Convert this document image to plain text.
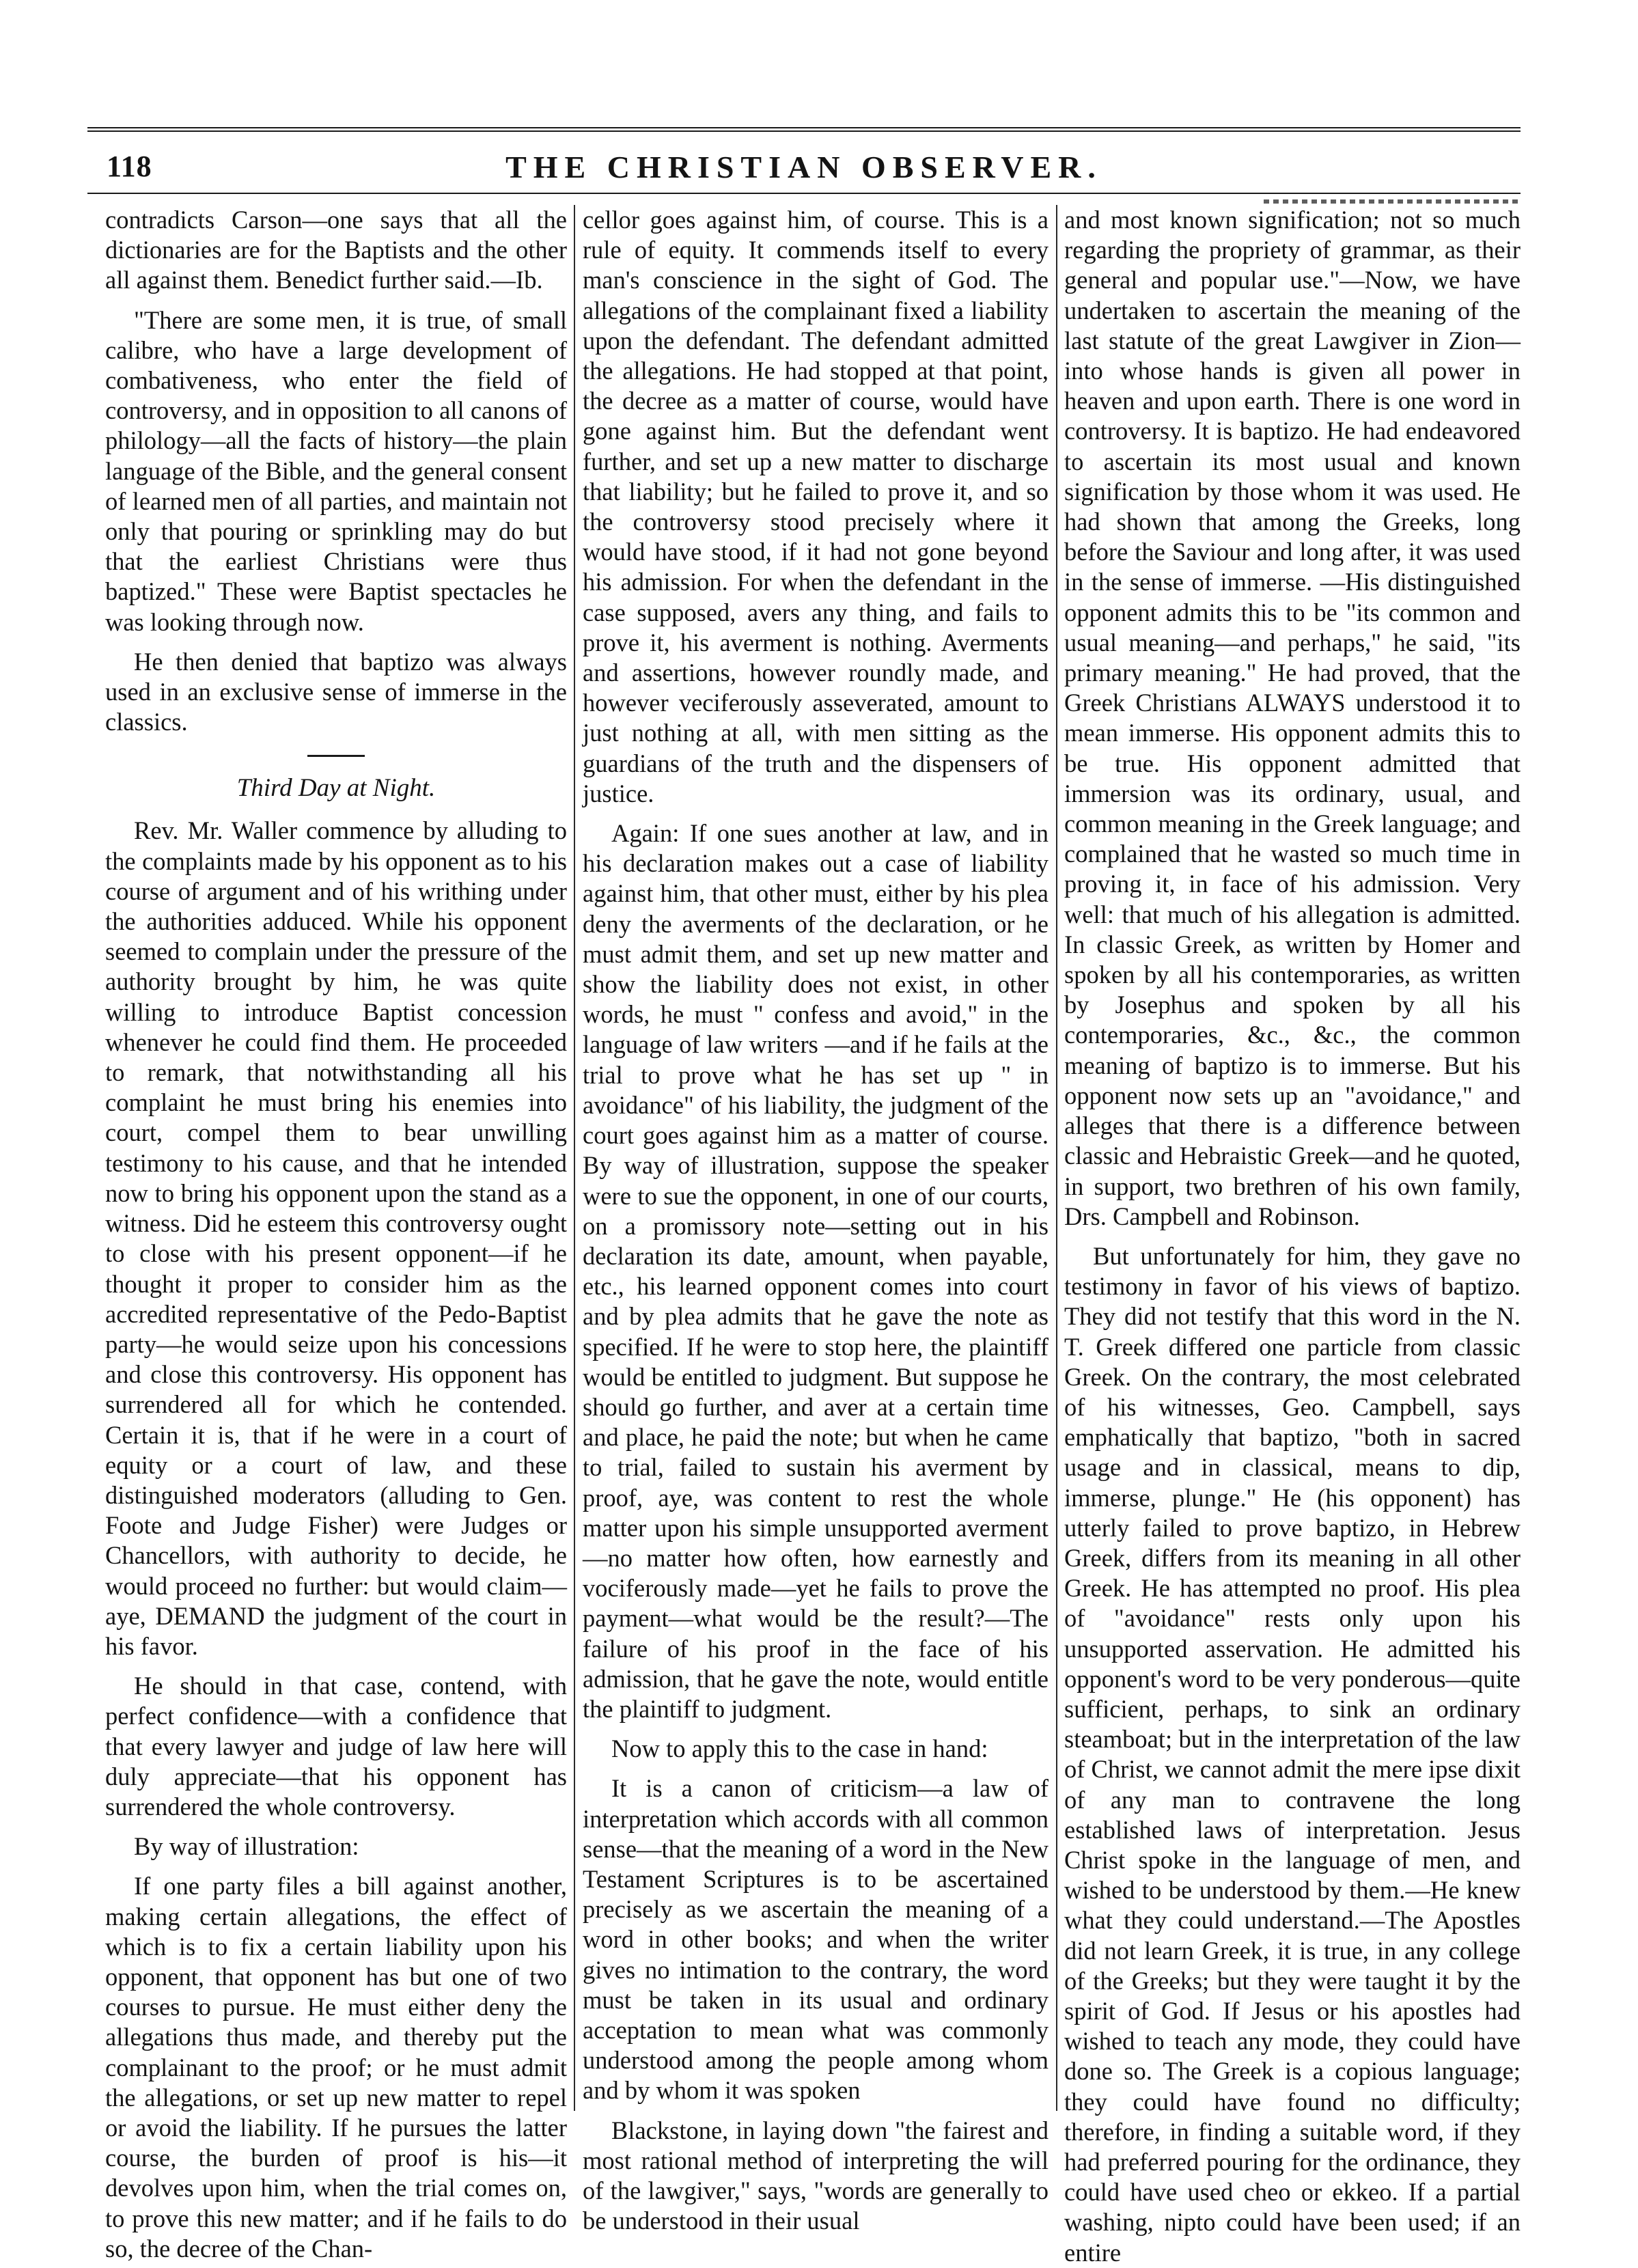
118	THE CHRISTIAN OBSERVER.

contradicts Carson—one says that all the dictionaries are for the Baptists and the other all against them. Benedict further said.—Ib.

"There are some men, it is true, of small calibre, who have a large development of combativeness, who enter the field of controversy, and in opposition to all canons of philology—all the facts of history—the plain language of the Bible, and the general consent of learned men of all parties, and maintain not only that pouring or sprinkling may do but that the earliest Christians were thus baptized." These were Baptist spectacles he was looking through now.

He then denied that baptizo was always used in an exclusive sense of immerse in the classics.

Third Day at Night.

Rev. Mr. Waller commence by alluding to the complaints made by his opponent as to his course of argument and of his writhing under the authorities adduced. While his opponent seemed to complain under the pressure of the authority brought by him, he was quite willing to introduce Baptist concession whenever he could find them. He proceeded to remark, that notwithstanding all his complaint he must bring his enemies into court, compel them to bear unwilling testimony to his cause, and that he intended now to bring his opponent upon the stand as a witness. Did he esteem this controversy ought to close with his present opponent—if he thought it proper to consider him as the accredited representative of the Pedo-Baptist party—he would seize upon his concessions and close this controversy. His opponent has surrendered all for which he contended. Certain it is, that if he were in a court of equity or a court of law, and these distinguished moderators (alluding to Gen. Foote and Judge Fisher) were Judges or Chancellors, with authority to decide, he would proceed no further: but would claim—aye, DEMAND the judgment of the court in his favor.

He should in that case, contend, with perfect confidence—with a confidence that that every lawyer and judge of law here will duly appreciate—that his opponent has surrendered the whole controversy.

By way of illustration:

If one party files a bill against another, making certain allegations, the effect of which is to fix a certain liability upon his opponent, that opponent has but one of two courses to pursue. He must either deny the allegations thus made, and thereby put the complainant to the proof; or he must admit the allegations, or set up new matter to repel or avoid the liability. If he pursues the latter course, the burden of proof is his—it devolves upon him, when the trial comes on, to prove this new matter; and if he fails to do so, the decree of the Chan-

cellor goes against him, of course. This is a rule of equity. It commends itself to every man's conscience in the sight of God. The allegations of the complainant fixed a liability upon the defendant. The defendant admitted the allegations. He had stopped at that point, the decree as a matter of course, would have gone against him. But the defendant went further, and set up a new matter to discharge that liability; but he failed to prove it, and so the controversy stood precisely where it would have stood, if it had not gone beyond his admission. For when the defendant in the case supposed, avers any thing, and fails to prove it, his averment is nothing. Averments and assertions, however roundly made, and however veciferously asseverated, amount to just nothing at all, with men sitting as the guardians of the truth and the dispensers of justice.

Again: If one sues another at law, and in his declaration makes out a case of liability against him, that other must, either by his plea deny the averments of the declaration, or he must admit them, and set up new matter and show the liability does not exist, in other words, he must " confess and avoid," in the language of law writers —and if he fails at the trial to prove what he has set up " in avoidance" of his liability, the judgment of the court goes against him as a matter of course. By way of illustration, suppose the speaker were to sue the opponent, in one of our courts, on a promissory note—setting out in his declaration its date, amount, when payable, etc., his learned opponent comes into court and by plea admits that he gave the note as specified. If he were to stop here, the plaintiff would be entitled to judgment. But suppose he should go further, and aver at a certain time and place, he paid the note; but when he came to trial, failed to sustain his averment by proof, aye, was content to rest the whole matter upon his simple unsupported averment—no matter how often, how earnestly and vociferously made—yet he fails to prove the payment—what would be the result?—The failure of his proof in the face of his admission, that he gave the note, would entitle the plaintiff to judgment.

Now to apply this to the case in hand:

It is a canon of criticism—a law of interpretation which accords with all common sense—that the meaning of a word in the New Testament Scriptures is to be ascertained precisely as we ascertain the meaning of a word in other books; and when the writer gives no intimation to the contrary, the word must be taken in its usual and ordinary acceptation to mean what was commonly understood among the people among whom and by whom it was spoken

Blackstone, in laying down "the fairest and most rational method of interpreting the will of the lawgiver," says, "words are generally to be understood in their usual

and most known signification; not so much regarding the propriety of grammar, as their general and popular use."—Now, we have undertaken to ascertain the meaning of the last statute of the great Lawgiver in Zion—into whose hands is given all power in heaven and upon earth. There is one word in controversy. It is baptizo. He had endeavored to ascertain its most usual and known signification by those whom it was used. He had shown that among the Greeks, long before the Saviour and long after, it was used in the sense of immerse. —His distinguished opponent admits this to be "its common and usual meaning—and perhaps," he said, "its primary meaning." He had proved, that the Greek Christians ALWAYS understood it to mean immerse. His opponent admits this to be true. His opponent admitted that immersion was its ordinary, usual, and common meaning in the Greek language; and complained that he wasted so much time in proving it, in face of his admission. Very well: that much of his allegation is admitted. In classic Greek, as written by Homer and spoken by all his contemporaries, as written by Josephus and spoken by all his contemporaries, &c., &c., the common meaning of baptizo is to immerse. But his opponent now sets up an "avoidance," and alleges that there is a difference between classic and Hebraistic Greek—and he quoted, in support, two brethren of his own family, Drs. Campbell and Robinson.

But unfortunately for him, they gave no testimony in favor of his views of baptizo. They did not testify that this word in the N. T. Greek differed one particle from classic Greek. On the contrary, the most celebrated of his witnesses, Geo. Campbell, says emphatically that baptizo, "both in sacred usage and in classical, means to dip, immerse, plunge." He (his opponent) has utterly failed to prove baptizo, in Hebrew Greek, differs from its meaning in all other Greek. He has attempted no proof. His plea of "avoidance" rests only upon his unsupported asservation. He admitted his opponent's word to be very ponderous—quite sufficient, perhaps, to sink an ordinary steamboat; but in the interpretation of the law of Christ, we cannot admit the mere ipse dixit of any man to contravene the long established laws of interpretation. Jesus Christ spoke in the language of men, and wished to be understood by them.—He knew what they could understand.—The Apostles did not learn Greek, it is true, in any college of the Greeks; but they were taught it by the spirit of God. If Jesus or his apostles had wished to teach any mode, they could have done so. The Greek is a copious language; they could have found no difficulty; therefore, in finding a suitable word, if they had preferred pouring for the ordinance, they could have used cheo or ekkeo. If a partial washing, nipto could have been used; if an entire
